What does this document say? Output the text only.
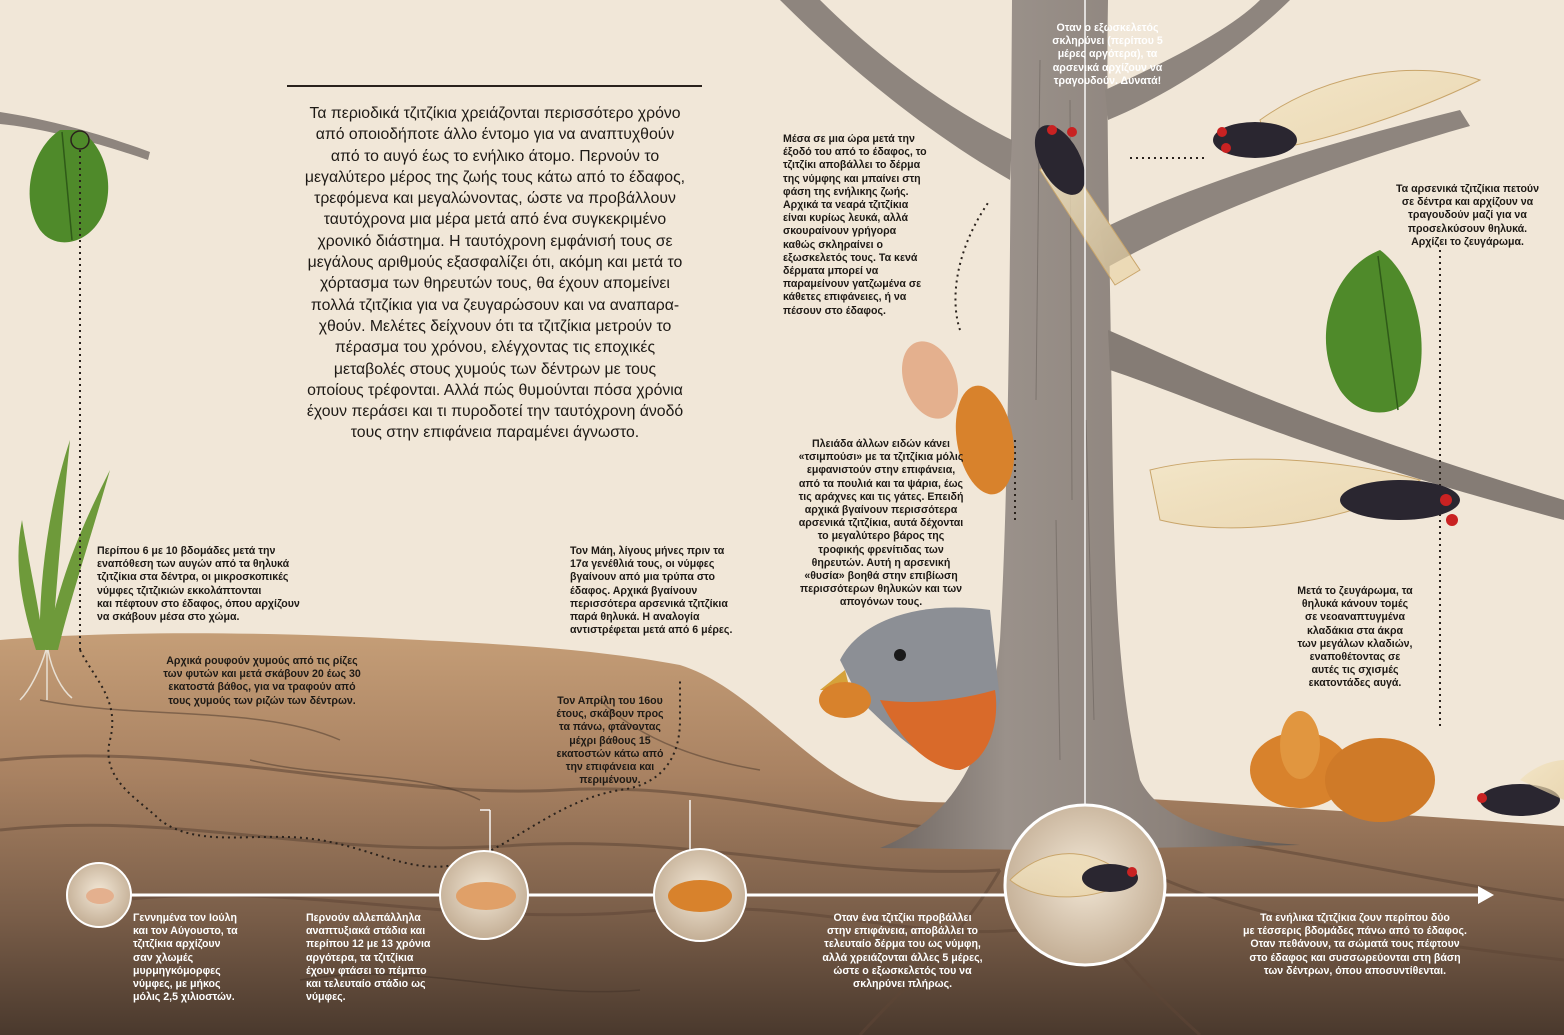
Τα περιοδικά τζιτζίκια χρειάζονται περισσότερο χρόνο
από οποιοδήποτε άλλο έντομο για να αναπτυχθούν
από το αυγό έως το ενήλικο άτομο. Περνούν το
μεγαλύτερο μέρος της ζωής τους κάτω από το έδαφος,
τρεφόμενα και μεγαλώνοντας, ώστε να προβάλλουν
ταυτόχρονα μια μέρα μετά από ένα συγκεκριμένο
χρονικό διάστημα. Η ταυτόχρονη εμφάνισή τους σε
μεγάλους αριθμούς εξασφαλίζει ότι, ακόμη και μετά το
χόρτασμα των θηρευτών τους, θα έχουν απομείνει
πολλά τζιτζίκια για να ζευγαρώσουν και να αναπαρα-
χθούν. Μελέτες δείχνουν ότι τα τζιτζίκια μετρούν το
πέρασμα του χρόνου, ελέγχοντας τις εποχικές
μεταβολές στους χυμούς των δέντρων με τους
οποίους τρέφονται. Αλλά πώς θυμούνται πόσα χρόνια
έχουν περάσει και τι πυροδοτεί την ταυτόχρονη άνοδό
τους στην επιφάνεια παραμένει άγνωστο.
Περίπου 6 με 10 βδομάδες μετά την
εναπόθεση των αυγών από τα θηλυκά
τζιτζίκια στα δέντρα, οι μικροσκοπικές
νύμφες τζιτζικιών εκκολάπτονται
και πέφτουν στο έδαφος, όπου αρχίζουν
να σκάβουν μέσα στο χώμα.
Αρχικά ρουφούν χυμούς από τις ρίζες
των φυτών και μετά σκάβουν 20 έως 30
εκατοστά βάθος, για να τραφούν από
τους χυμούς των ριζών των δέντρων.
Τον Μάη, λίγους μήνες πριν τα
17α γενέθλιά τους, οι νύμφες
βγαίνουν από μια τρύπα στο
έδαφος. Αρχικά βγαίνουν
περισσότερα αρσενικά τζιτζίκια
παρά θηλυκά. Η αναλογία
αντιστρέφεται μετά από 6 μέρες.
Τον Απρίλη του 16ου
έτους, σκάβουν προς
τα πάνω, φτάνοντας
μέχρι βάθους 15
εκατοστών κάτω από
την επιφάνεια και
περιμένουν.
Μέσα σε μια ώρα μετά την
έξοδό του από το έδαφος, το
τζιτζίκι αποβάλλει το δέρμα
της νύμφης και μπαίνει στη
φάση της ενήλικης ζωής.
Αρχικά τα νεαρά τζιτζίκια
είναι κυρίως λευκά, αλλά
σκουραίνουν γρήγορα
καθώς σκληραίνει ο
εξωσκελετός τους. Τα κενά
δέρματα μπορεί να
παραμείνουν γατζωμένα σε
κάθετες επιφάνειες, ή να
πέσουν στο έδαφος.
Πλειάδα άλλων ειδών κάνει
«τσιμπούσι» με τα τζιτζίκια μόλις
εμφανιστούν στην επιφάνεια,
από τα πουλιά και τα ψάρια, έως
τις αράχνες και τις γάτες. Επειδή
αρχικά βγαίνουν περισσότερα
αρσενικά τζιτζίκια, αυτά δέχονται
το μεγαλύτερο βάρος της
τροφικής φρενίτιδας των
θηρευτών. Αυτή η αρσενική
«θυσία» βοηθά στην επιβίωση
περισσότερων θηλυκών και των
απογόνων τους.
Οταν ο εξωσκελετός
σκληρύνει (περίπου 5
μέρες αργότερα), τα
αρσενικά αρχίζουν να
τραγουδούν. Δυνατά!
Τα αρσενικά τζιτζίκια πετούν
σε δέντρα και αρχίζουν να
τραγουδούν μαζί για να
προσελκύσουν θηλυκά.
Αρχίζει το ζευγάρωμα.
Μετά το ζευγάρωμα, τα
θηλυκά κάνουν τομές
σε νεοαναπτυγμένα
κλαδάκια στα άκρα
των μεγάλων κλαδιών,
εναποθέτοντας σε
αυτές τις σχισμές
εκατοντάδες αυγά.
Γεννημένα τον Ιούλη
και τον Αύγουστο, τα
τζιτζίκια αρχίζουν
σαν χλωμές
μυρμηγκόμορφες
νύμφες, με μήκος
μόλις 2,5 χιλιοστών.
Περνούν αλλεπάλληλα
αναπτυξιακά στάδια και
περίπου 12 με 13 χρόνια
αργότερα, τα τζιτζίκια
έχουν φτάσει το πέμπτο
και τελευταίο στάδιο ως
νύμφες.
Οταν ένα τζιτζίκι προβάλλει
στην επιφάνεια, αποβάλλει το
τελευταίο δέρμα του ως νύμφη,
αλλά χρειάζονται άλλες 5 μέρες,
ώστε ο εξωσκελετός του να
σκληρύνει πλήρως.
Τα ενήλικα τζιτζίκια ζουν περίπου δύο
με τέσσερις βδομάδες πάνω από το έδαφος.
Οταν πεθάνουν, τα σώματά τους πέφτουν
στο έδαφος και συσσωρεύονται στη βάση
των δέντρων, όπου αποσυντίθενται.
